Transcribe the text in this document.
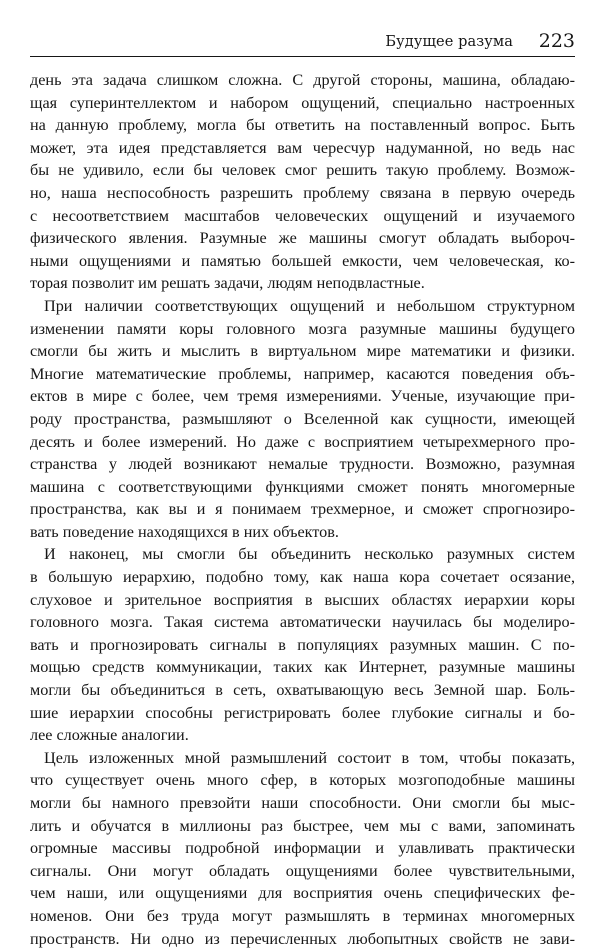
Будущее разума 223
день эта задача слишком сложна. С другой стороны, машина, обладаю-
щая суперинтеллектом и набором ощущений, специально настроенных
на данную проблему, могла бы ответить на поставленный вопрос. Быть
может, эта идея представляется вам чересчур надуманной, но ведь нас
бы не удивило, если бы человек смог решить такую проблему. Возмож-
но, наша неспособность разрешить проблему связана в первую очередь
с несоответствием масштабов человеческих ощущений и изучаемого
физического явления. Разумные же машины смогут обладать выбороч-
ными ощущениями и памятью большей емкости, чем человеческая, ко-
торая позволит им решать задачи, людям неподвластные.
При наличии соответствующих ощущений и небольшом структурном
изменении памяти коры головного мозга разумные машины будущего
смогли бы жить и мыслить в виртуальном мире математики и физики.
Многие математические проблемы, например, касаются поведения объ-
ектов в мире с более, чем тремя измерениями. Ученые, изучающие при-
роду пространства, размышляют о Вселенной как сущности, имеющей
десять и более измерений. Но даже с восприятием четырехмерного про-
странства у людей возникают немалые трудности. Возможно, разумная
машина с соответствующими функциями сможет понять многомерные
пространства, как вы и я понимаем трехмерное, и сможет спрогнозиро-
вать поведение находящихся в них объектов.
И наконец, мы смогли бы объединить несколько разумных систем
в большую иерархию, подобно тому, как наша кора сочетает осязание,
слуховое и зрительное восприятия в высших областях иерархии коры
головного мозга. Такая система автоматически научилась бы моделиро-
вать и прогнозировать сигналы в популяциях разумных машин. С по-
мощью средств коммуникации, таких как Интернет, разумные машины
могли бы объединиться в сеть, охватывающую весь Земной шар. Боль-
шие иерархии способны регистрировать более глубокие сигналы и бо-
лее сложные аналогии.
Цель изложенных мной размышлений состоит в том, чтобы показать,
что существует очень много сфер, в которых мозгоподобные машины
могли бы намного превзойти наши способности. Они смогли бы мыс-
лить и обучатся в миллионы раз быстрее, чем мы с вами, запоминать
огромные массивы подробной информации и улавливать практически
сигналы. Они могут обладать ощущениями более чувствительными,
чем наши, или ощущениями для восприятия очень специфических фе-
номенов. Они без труда могут размышлять в терминах многомерных
пространств. Ни одно из перечисленных любопытных свойств не зави-
